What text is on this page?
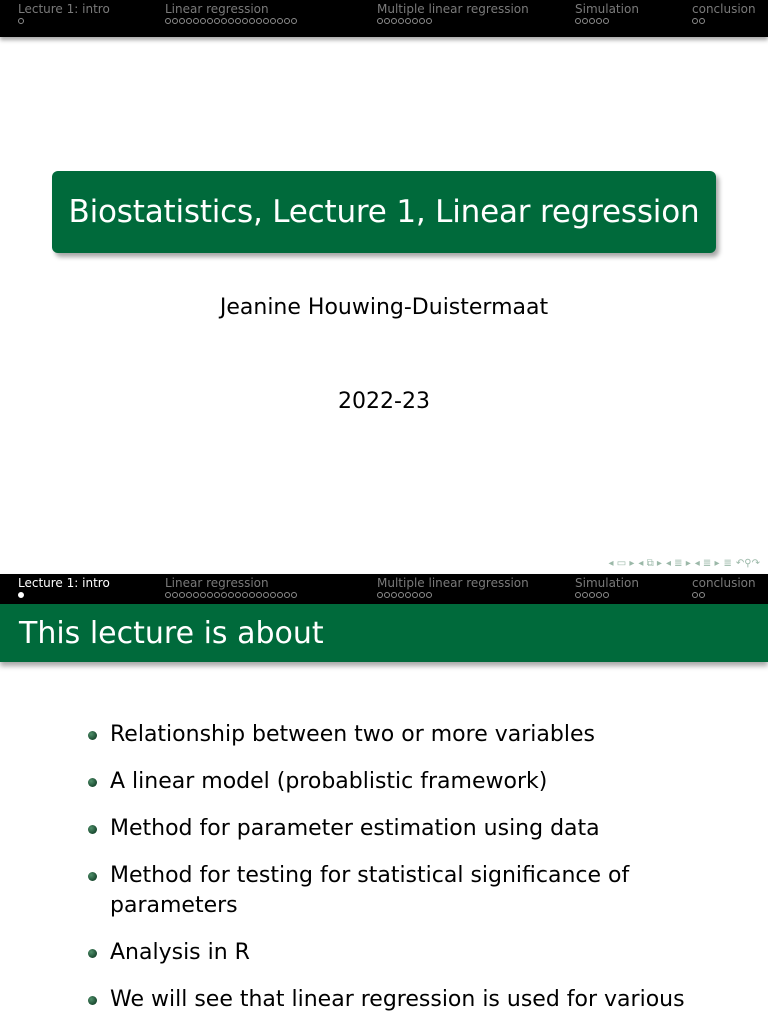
Lecture 1: intro	Linear regression	Multiple linear regression	Simulation	conclusion
Biostatistics, Lecture 1, Linear regression
Jeanine Houwing-Duistermaat
2022-23
◂ ▭ ▸ ◂ ⧉ ▸ ◂ ≣ ▸ ◂ ≣ ▸ ≣ ↶⚲↷
Lecture 1: intro	Linear regression	Multiple linear regression	Simulation	conclusion
This lecture is about
Relationship between two or more variables
A linear model (probablistic framework)
Method for parameter estimation using data
Method for testing for statistical significance of parameters
Analysis in R
We will see that linear regression is used for various
